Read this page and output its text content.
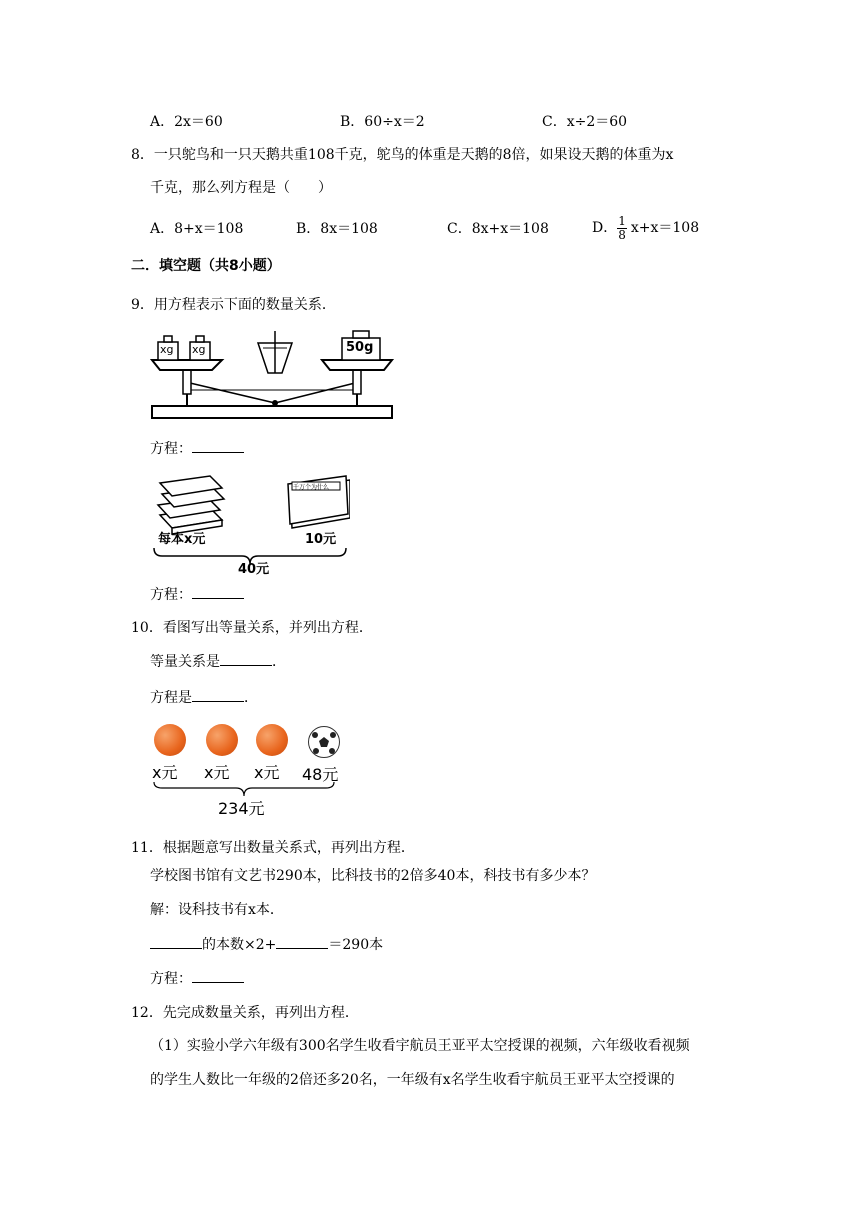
A．2x＝60	B．60÷x＝2	C．x÷2＝60
8．一只鸵鸟和一只天鹅共重108千克，鸵鸟的体重是天鹅的8倍，如果设天鹅的体重为x
千克，那么列方程是（　　）
A．8+x＝108	B．8x＝108	C．8x+x＝108	D． $\frac{1}{8} x+x=108$
二．填空题（共8小题）
9．用方程表示下面的数量关系．
xg xg	50g
方程：
每本x元
千万个为什么
10元
40元
方程：
10．看图写出等量关系，并列出方程．
等量关系是	．
方程是	．
x元 x元 x元 48元
234元
11．根据题意写出数量关系式，再列出方程．
学校图书馆有文艺书290本，比科技书的2倍多40本，科技书有多少本？
解：设科技书有x本．
的本数×2+	＝290本
方程：
12．先完成数量关系，再列出方程．
（1）实验小学六年级有300名学生收看宇航员王亚平太空授课的视频，六年级收看视频
的学生人数比一年级的2倍还多20名，一年级有x名学生收看宇航员王亚平太空授课的
